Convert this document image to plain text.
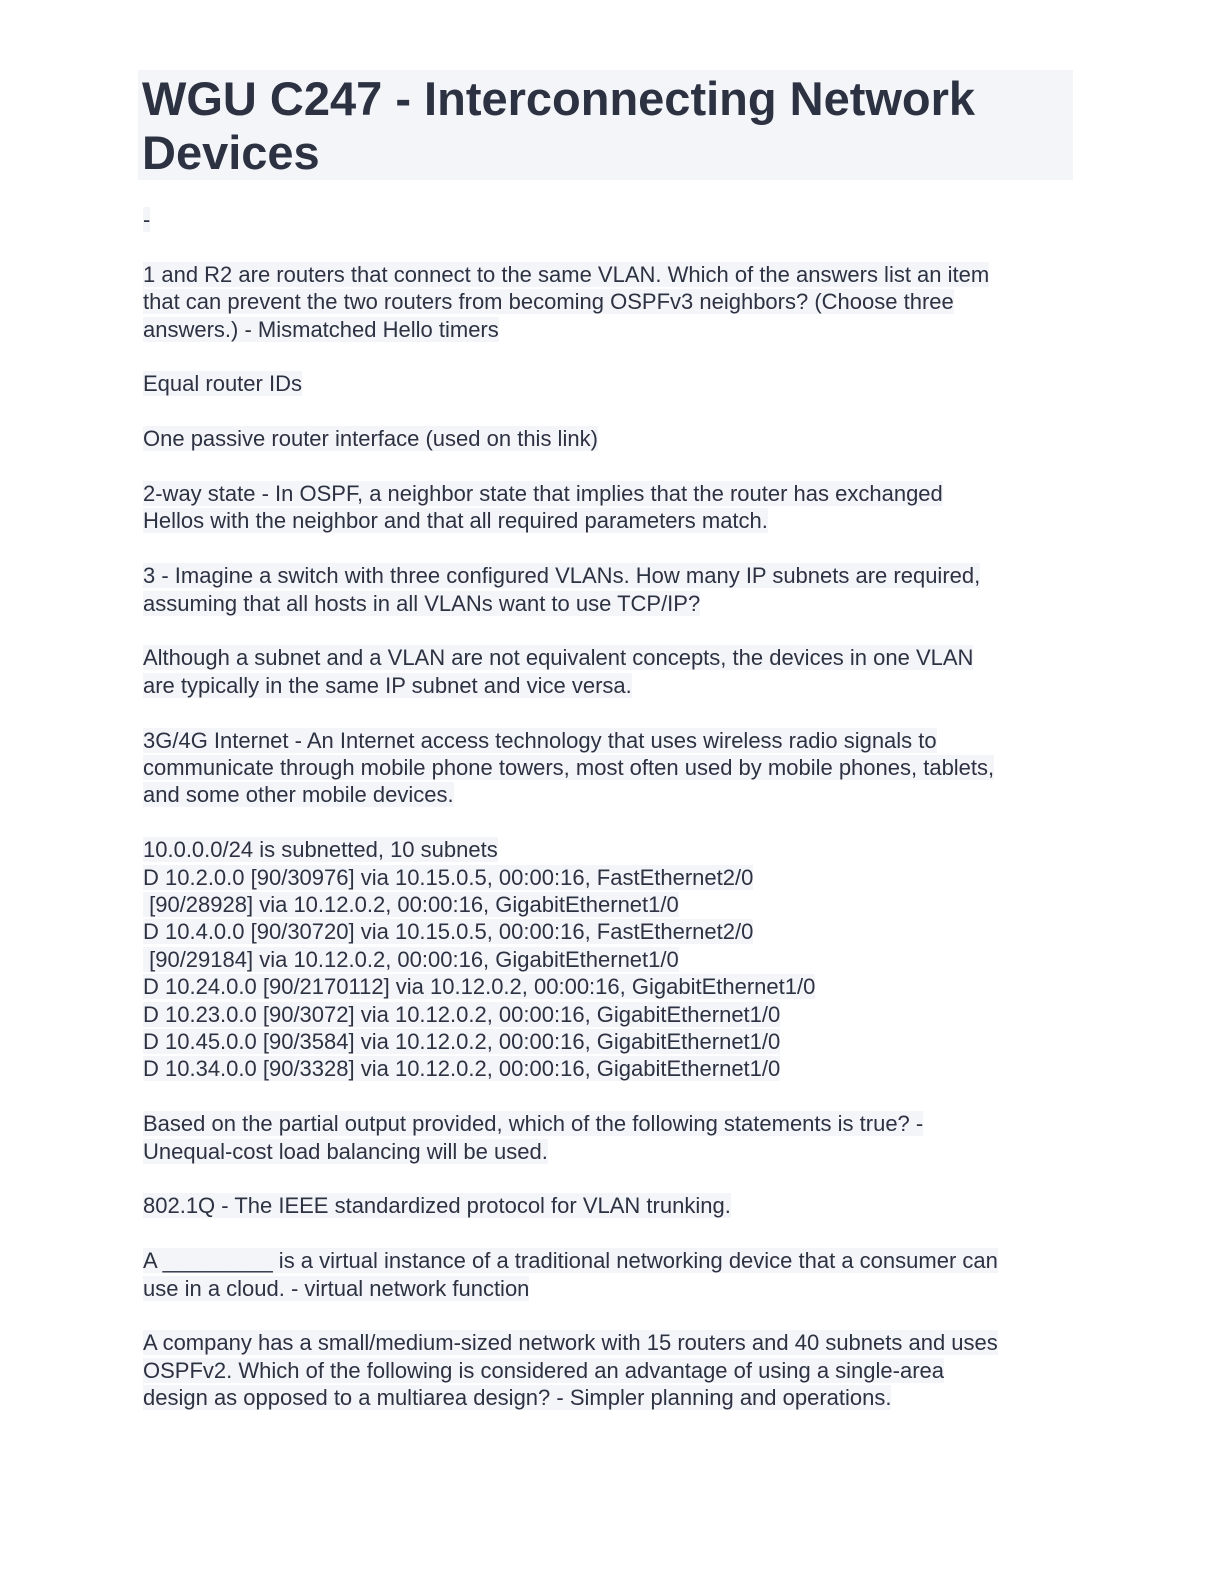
WGU C247 - Interconnecting Network
Devices
-
1 and R2 are routers that connect to the same VLAN. Which of the answers list an item
that can prevent the two routers from becoming OSPFv3 neighbors? (Choose three
answers.) - Mismatched Hello timers
Equal router IDs
One passive router interface (used on this link)
2-way state - In OSPF, a neighbor state that implies that the router has exchanged
Hellos with the neighbor and that all required parameters match.
3 - Imagine a switch with three configured VLANs. How many IP subnets are required,
assuming that all hosts in all VLANs want to use TCP/IP?
Although a subnet and a VLAN are not equivalent concepts, the devices in one VLAN
are typically in the same IP subnet and vice versa.
3G/4G Internet - An Internet access technology that uses wireless radio signals to
communicate through mobile phone towers, most often used by mobile phones, tablets,
and some other mobile devices.
10.0.0.0/24 is subnetted, 10 subnets
D 10.2.0.0 [90/30976] via 10.15.0.5, 00:00:16, FastEthernet2/0
[90/28928] via 10.12.0.2, 00:00:16, GigabitEthernet1/0
D 10.4.0.0 [90/30720] via 10.15.0.5, 00:00:16, FastEthernet2/0
[90/29184] via 10.12.0.2, 00:00:16, GigabitEthernet1/0
D 10.24.0.0 [90/2170112] via 10.12.0.2, 00:00:16, GigabitEthernet1/0
D 10.23.0.0 [90/3072] via 10.12.0.2, 00:00:16, GigabitEthernet1/0
D 10.45.0.0 [90/3584] via 10.12.0.2, 00:00:16, GigabitEthernet1/0
D 10.34.0.0 [90/3328] via 10.12.0.2, 00:00:16, GigabitEthernet1/0
Based on the partial output provided, which of the following statements is true? -
Unequal-cost load balancing will be used.
802.1Q - The IEEE standardized protocol for VLAN trunking.
A _________ is a virtual instance of a traditional networking device that a consumer can
use in a cloud. - virtual network function
A company has a small/medium-sized network with 15 routers and 40 subnets and uses
OSPFv2. Which of the following is considered an advantage of using a single-area
design as opposed to a multiarea design? - Simpler planning and operations.
